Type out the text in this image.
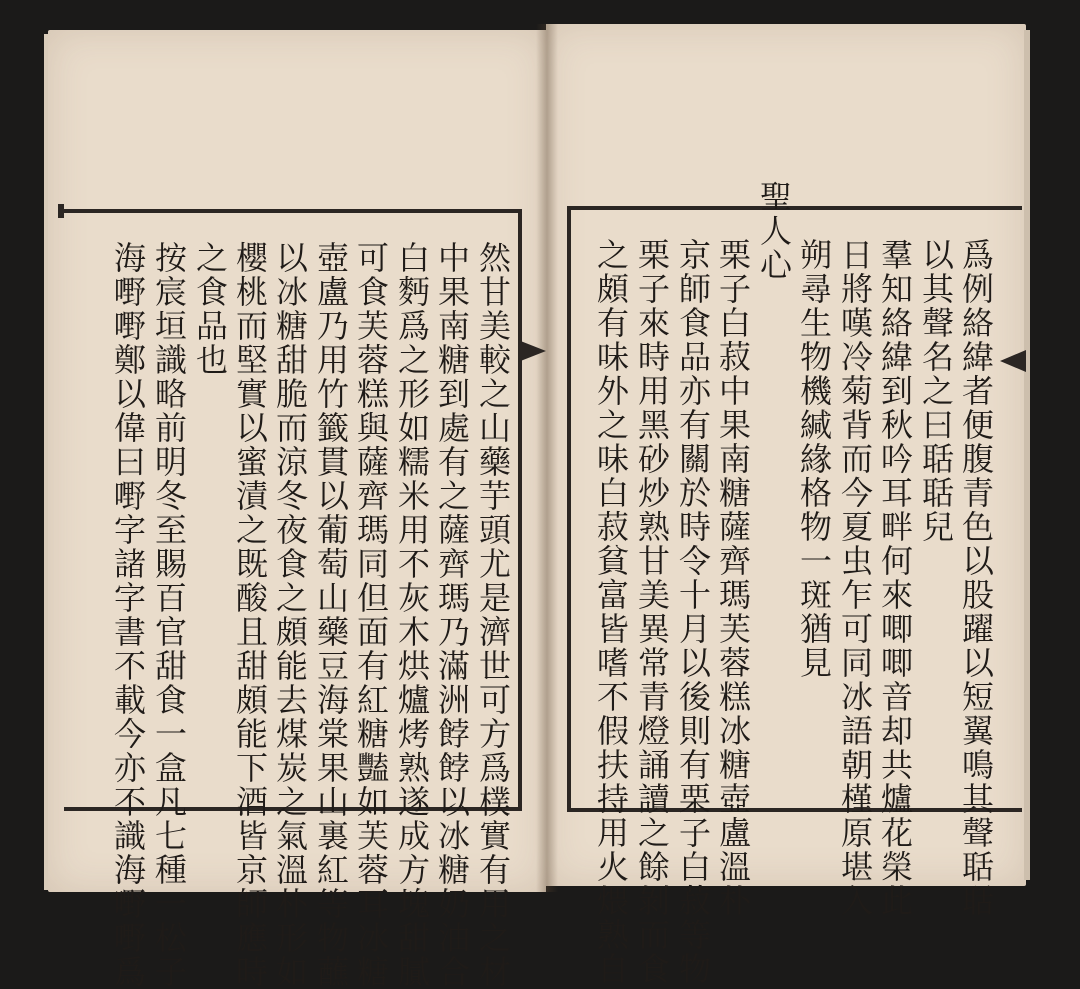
然甘美較之山藥芋頭尤是濟世可方爲樸實有用之材
中果南糖到處有之薩齊瑪乃滿洲餑餑以冰糖奶油合
白麪爲之形如糯米用不灰木烘爐烤熟遂成方塊甜膩
可食芙蓉糕與薩齊瑪同但面有紅糖豔如芙蓉耳冰糖
壺盧乃用竹籤貫以葡萄山藥豆海棠果山裏紅等物蘸
以冰糖甜脆而涼冬夜食之頗能去煤炭之氣溫朴形如
櫻桃而堅實以蜜漬之既酸且甜頗能下酒皆京師應時
之食品也
按宸垣識略前明冬至賜百官甜食一盒凡七種一松子
海嘢嘢鄭以偉曰嘢字諸字書不載今亦不識海嘢嘢爲	爲例絡緯者便腹青色以股躍以短翼鳴其聲聒聒
以其聲名之曰聒聒兒
羣知絡緯到秋吟耳畔何來唧唧音却共爐花榮此
日將嘆冷菊背而今夏虫乍可同冰語朝槿原堪入
朔尋生物機緘緣格物一斑猶見
聖人心
栗子白菽中果南糖薩齊瑪芙蓉糕冰糖壺盧溫朴
京師食品亦有關於時令十月以後則有栗子白菽等物
栗子來時用黑砂炒熟甘美異常青燈誦讀之餘剝而食
之頗有味外之味白菽貧富皆嗜不假扶持用火煨熟自
